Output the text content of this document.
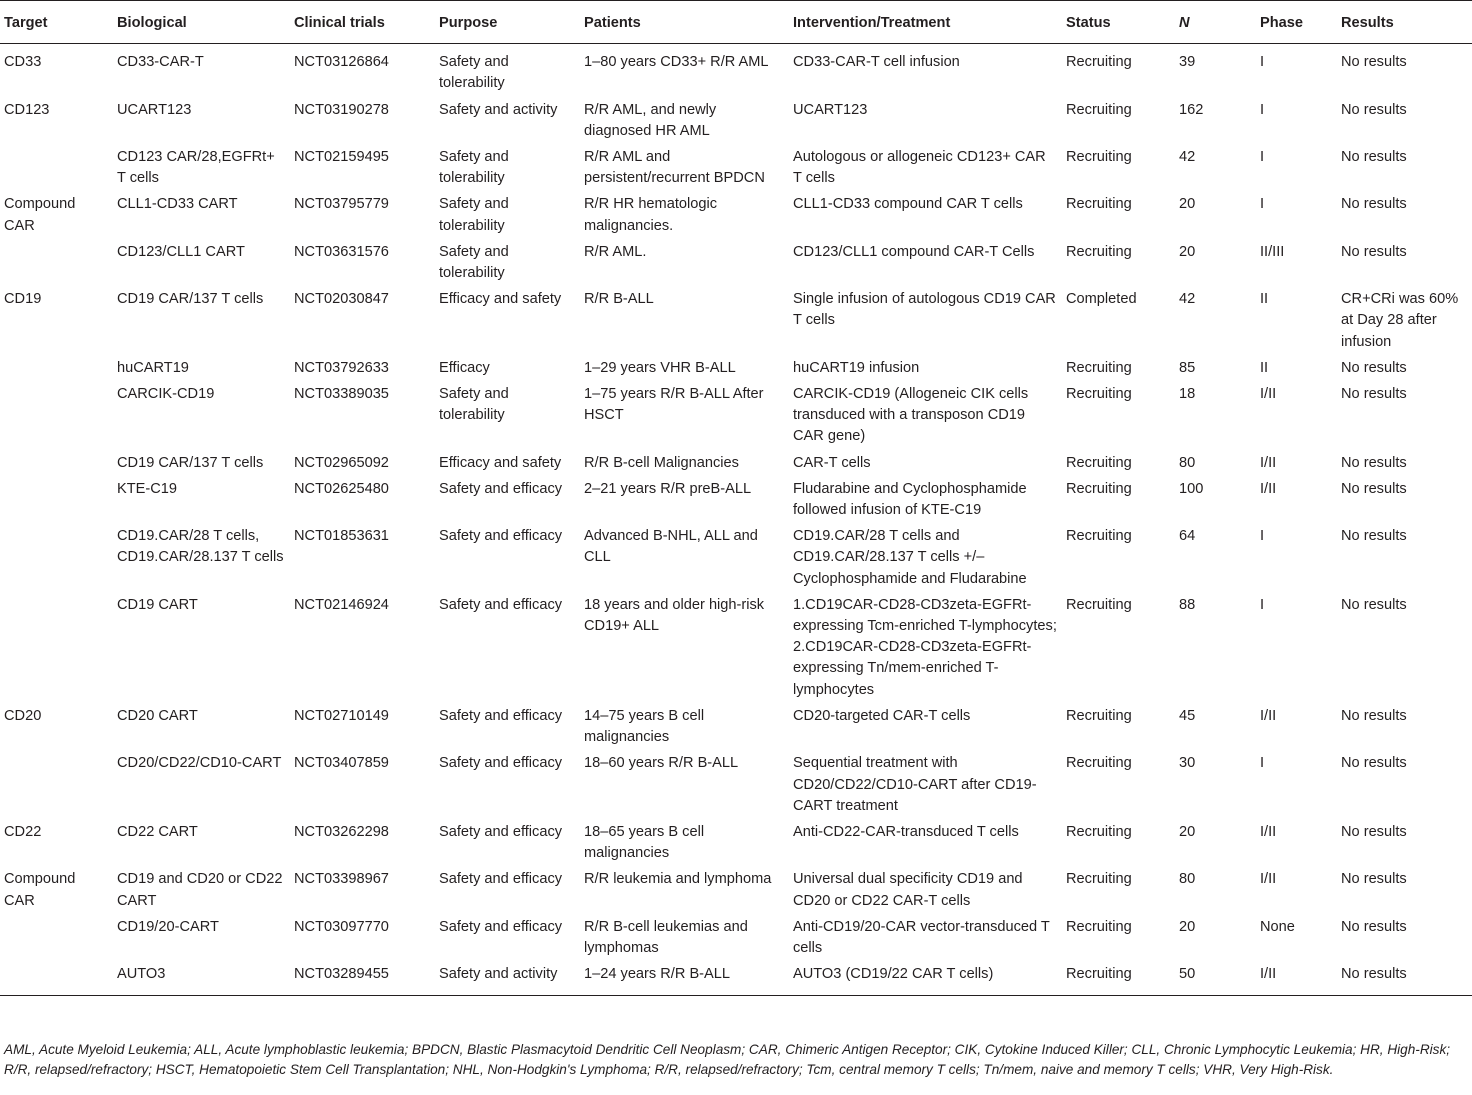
Target	Biological	Clinical trials	Purpose	Patients	Intervention/Treatment	Status	N	Phase	Results
CD33	CD33-CAR-T	NCT03126864	Safety and tolerability	1–80 years CD33+ R/R AML	CD33-CAR-T cell infusion	Recruiting	39	I	No results
CD123	UCART123	NCT03190278	Safety and activity	R/R AML, and newly diagnosed HR AML	UCART123	Recruiting	162	I	No results
	CD123 CAR/28,EGFRt+ T cells	NCT02159495	Safety and tolerability	R/R AML and persistent/recurrent BPDCN	Autologous or allogeneic CD123+ CAR T cells	Recruiting	42	I	No results
Compound CAR	CLL1-CD33 CART	NCT03795779	Safety and tolerability	R/R HR hematologic malignancies.	CLL1-CD33 compound CAR T cells	Recruiting	20	I	No results
	CD123/CLL1 CART	NCT03631576	Safety and tolerability	R/R AML.	CD123/CLL1 compound CAR-T Cells	Recruiting	20	II/III	No results
CD19	CD19 CAR/137 T cells	NCT02030847	Efficacy and safety	R/R B-ALL	Single infusion of autologous CD19 CAR T cells	Completed	42	II	CR+CRi was 60% at Day 28 after infusion
	huCART19	NCT03792633	Efficacy	1–29 years VHR B-ALL	huCART19 infusion	Recruiting	85	II	No results
	CARCIK-CD19	NCT03389035	Safety and tolerability	1–75 years R/R B-ALL After HSCT	CARCIK-CD19 (Allogeneic CIK cells transduced with a transposon CD19 CAR gene)	Recruiting	18	I/II	No results
	CD19 CAR/137 T cells	NCT02965092	Efficacy and safety	R/R B-cell Malignancies	CAR-T cells	Recruiting	80	I/II	No results
	KTE-C19	NCT02625480	Safety and efficacy	2–21 years R/R preB-ALL	Fludarabine and Cyclophosphamide followed infusion of KTE-C19	Recruiting	100	I/II	No results
	CD19.CAR/28 T cells, CD19.CAR/28.137 T cells	NCT01853631	Safety and efficacy	Advanced B-NHL, ALL and CLL	CD19.CAR/28 T cells and CD19.CAR/28.137 T cells +/– Cyclophosphamide and Fludarabine	Recruiting	64	I	No results
	CD19 CART	NCT02146924	Safety and efficacy	18 years and older high-risk CD19+ ALL	1.CD19CAR-CD28-CD3zeta-EGFRt-expressing Tcm-enriched T-lymphocytes; 2.CD19CAR-CD28-CD3zeta-EGFRt-expressing Tn/mem-enriched T-lymphocytes	Recruiting	88	I	No results
CD20	CD20 CART	NCT02710149	Safety and efficacy	14–75 years B cell malignancies	CD20-targeted CAR-T cells	Recruiting	45	I/II	No results
	CD20/CD22/CD10-CART	NCT03407859	Safety and efficacy	18–60 years R/R B-ALL	Sequential treatment with CD20/CD22/CD10-CART after CD19-CART treatment	Recruiting	30	I	No results
CD22	CD22 CART	NCT03262298	Safety and efficacy	18–65 years B cell malignancies	Anti-CD22-CAR-transduced T cells	Recruiting	20	I/II	No results
Compound CAR	CD19 and CD20 or CD22 CART	NCT03398967	Safety and efficacy	R/R leukemia and lymphoma	Universal dual specificity CD19 and CD20 or CD22 CAR-T cells	Recruiting	80	I/II	No results
	CD19/20-CART	NCT03097770	Safety and efficacy	R/R B-cell leukemias and lymphomas	Anti-CD19/20-CAR vector-transduced T cells	Recruiting	20	None	No results
	AUTO3	NCT03289455	Safety and activity	1–24 years R/R B-ALL	AUTO3 (CD19/22 CAR T cells)	Recruiting	50	I/II	No results
AML, Acute Myeloid Leukemia; ALL, Acute lymphoblastic leukemia; BPDCN, Blastic Plasmacytoid Dendritic Cell Neoplasm; CAR, Chimeric Antigen Receptor; CIK, Cytokine Induced Killer; CLL, Chronic Lymphocytic Leukemia; HR, High-Risk; R/R, relapsed/refractory; HSCT, Hematopoietic Stem Cell Transplantation; NHL, Non-Hodgkin's Lymphoma; R/R, relapsed/refractory; Tcm, central memory T cells; Tn/mem, naive and memory T cells; VHR, Very High-Risk.
